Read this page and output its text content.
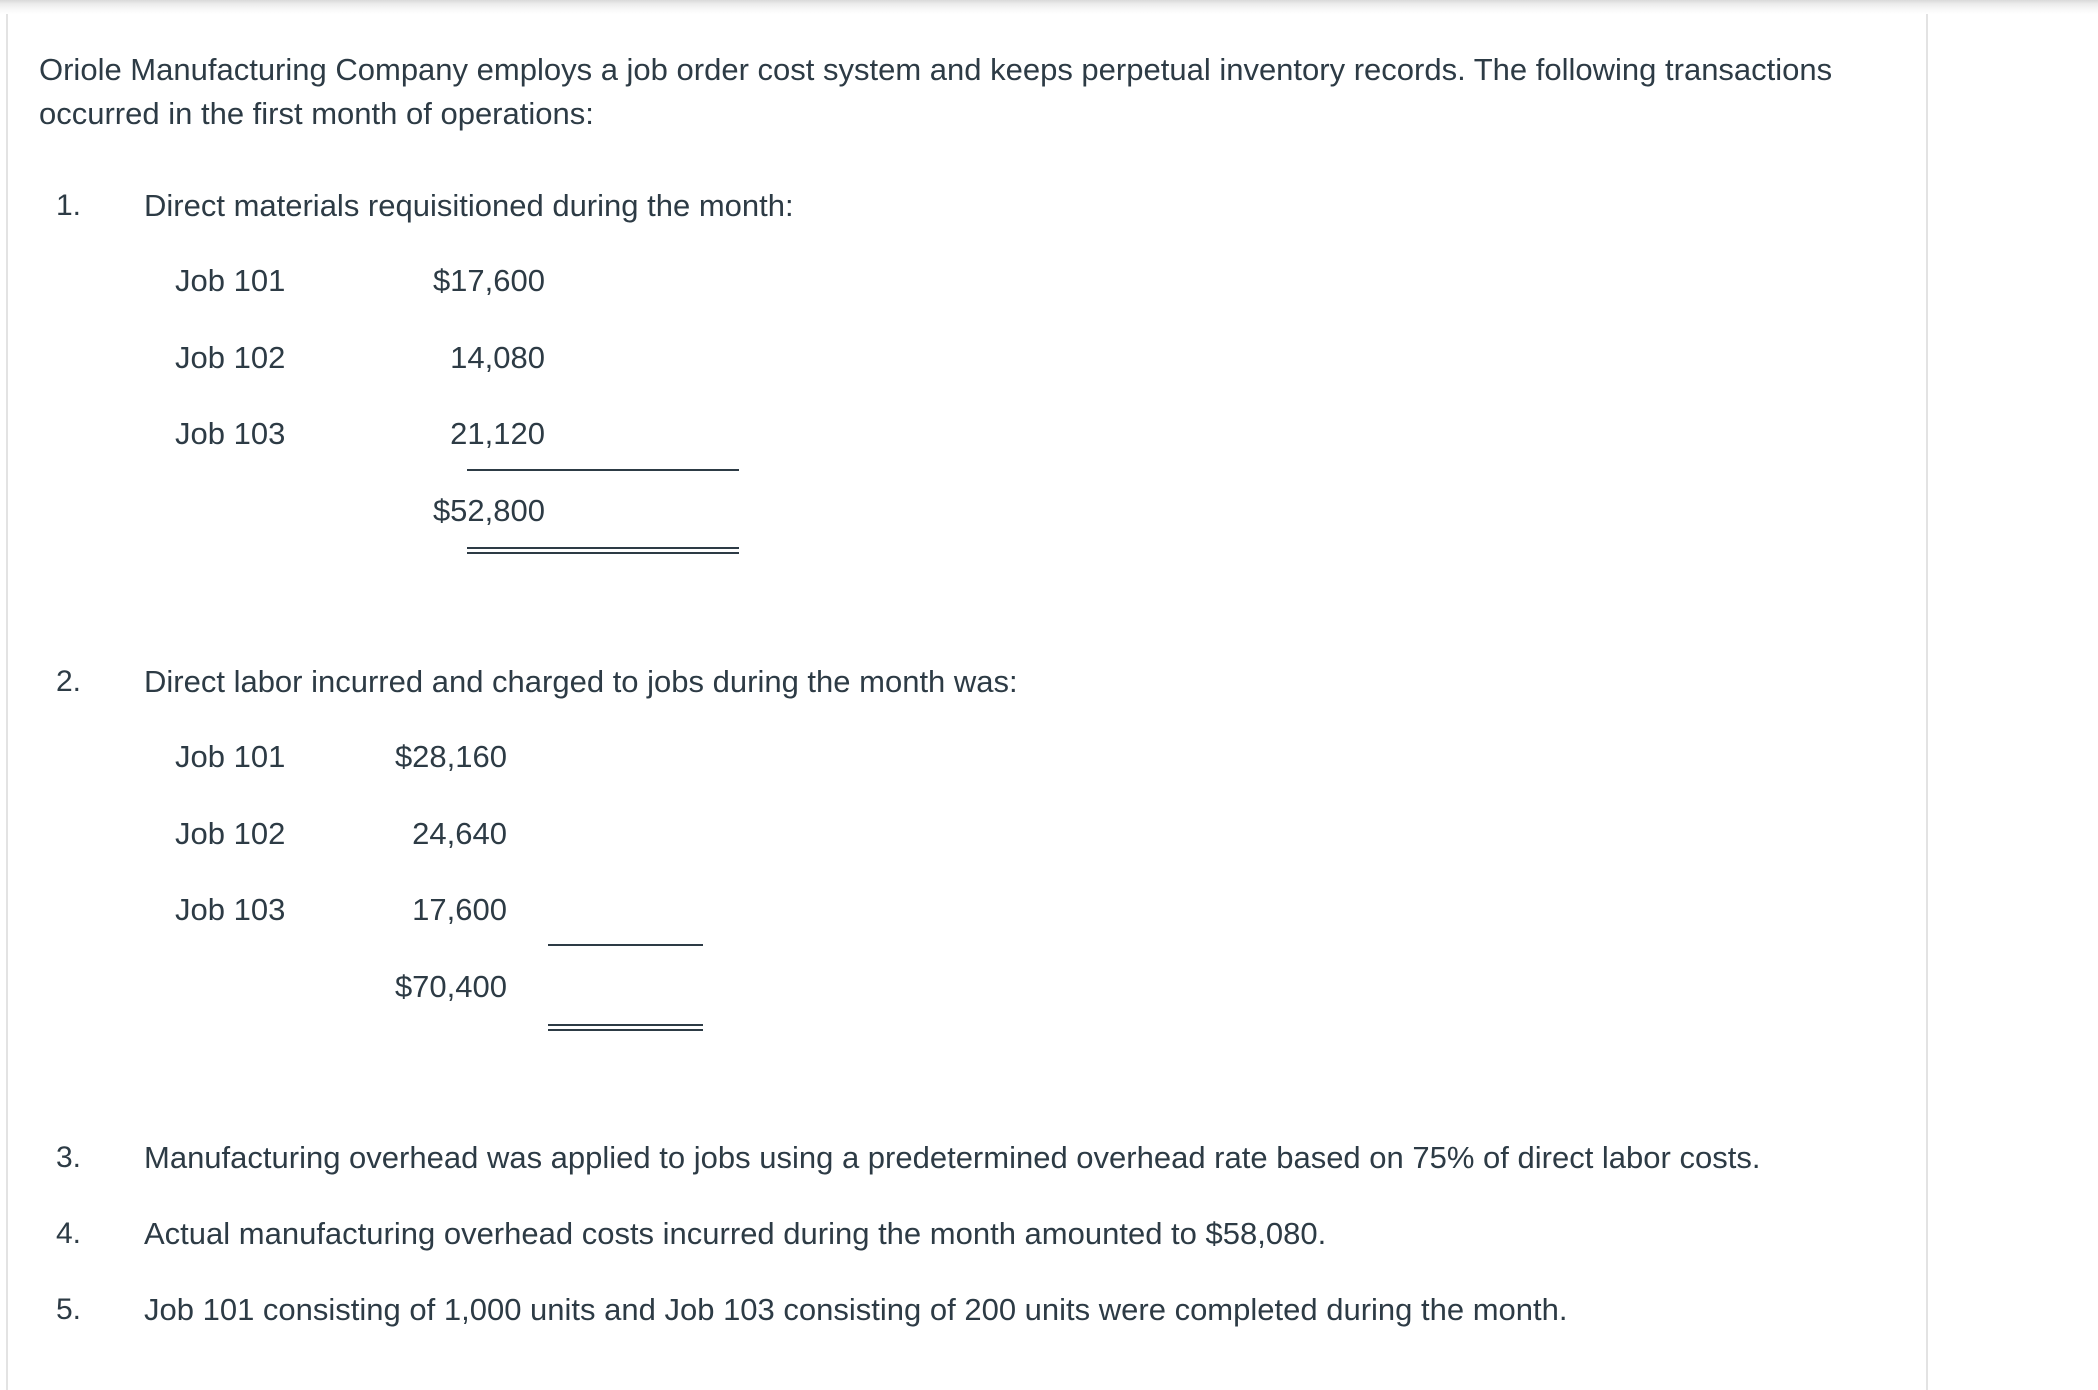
Oriole Manufacturing Company employs a job order cost system and keeps perpetual inventory records. The following transactions occurred in the first month of operations:
1.	Direct materials requisitioned during the month:
Job 101	$17,600
Job 102	14,080
Job 103	21,120
$52,800
2.	Direct labor incurred and charged to jobs during the month was:
Job 101	$28,160
Job 102	24,640
Job 103	17,600
$70,400
3.	Manufacturing overhead was applied to jobs using a predetermined overhead rate based on 75% of direct labor costs.
4.	Actual manufacturing overhead costs incurred during the month amounted to $58,080.
5.	Job 101 consisting of 1,000 units and Job 103 consisting of 200 units were completed during the month.
